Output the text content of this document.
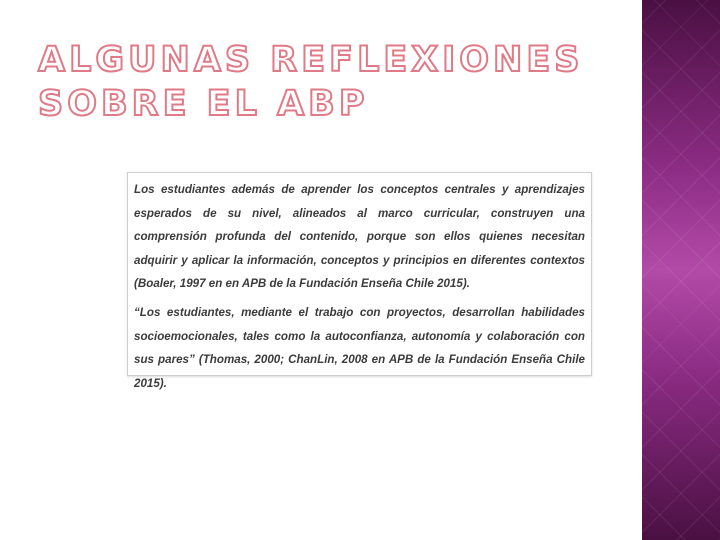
ALGUNAS REFLEXIONES SOBRE EL ABP

Los estudiantes además de aprender los conceptos centrales y aprendizajes esperados de su nivel, alineados al marco curricular, construyen una comprensión profunda del contenido, porque son ellos quienes necesitan adquirir y aplicar la información, conceptos y principios en diferentes contextos (Boaler, 1997 en en APB de la Fundación Enseña Chile 2015).

“Los estudiantes, mediante el trabajo con proyectos, desarrollan habilidades socioemocionales, tales como la autoconfianza, autonomía y colaboración con sus pares” (Thomas, 2000; ChanLin, 2008 en APB de la Fundación Enseña Chile 2015).
